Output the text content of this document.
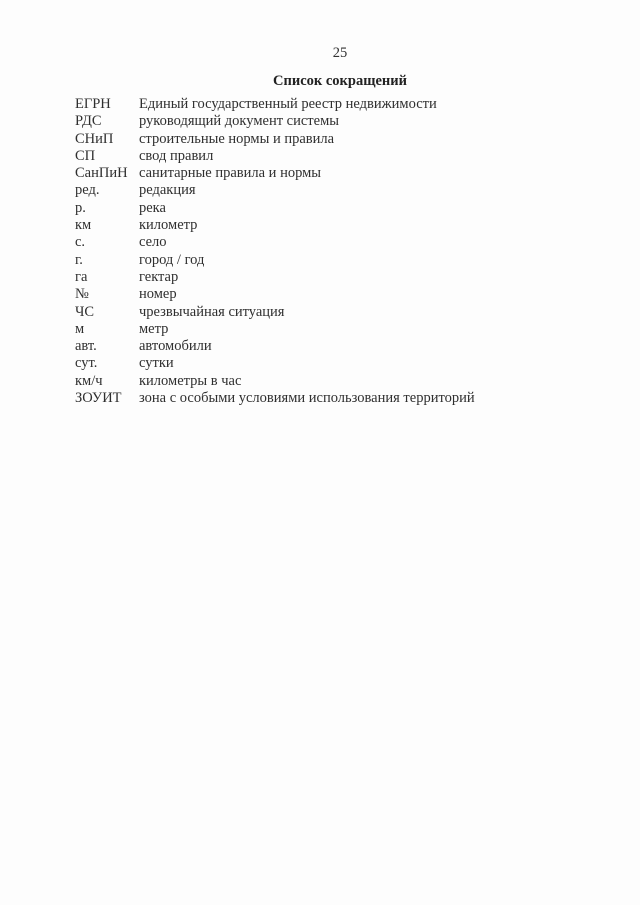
25
Список сокращений
ЕГРН	Единый государственный реестр недвижимости
РДС	руководящий документ системы
СНиП	строительные нормы и правила
СП	свод правил
СанПиН санитарные правила и нормы
ред.	редакция
р.	река
км	километр
с.	село
г.	город / год
га	гектар
№	номер
ЧС	чрезвычайная ситуация
м	метр
авт.	автомобили
сут.	сутки
км/ч	километры в час
ЗОУИТ	зона с особыми условиями использования территорий
